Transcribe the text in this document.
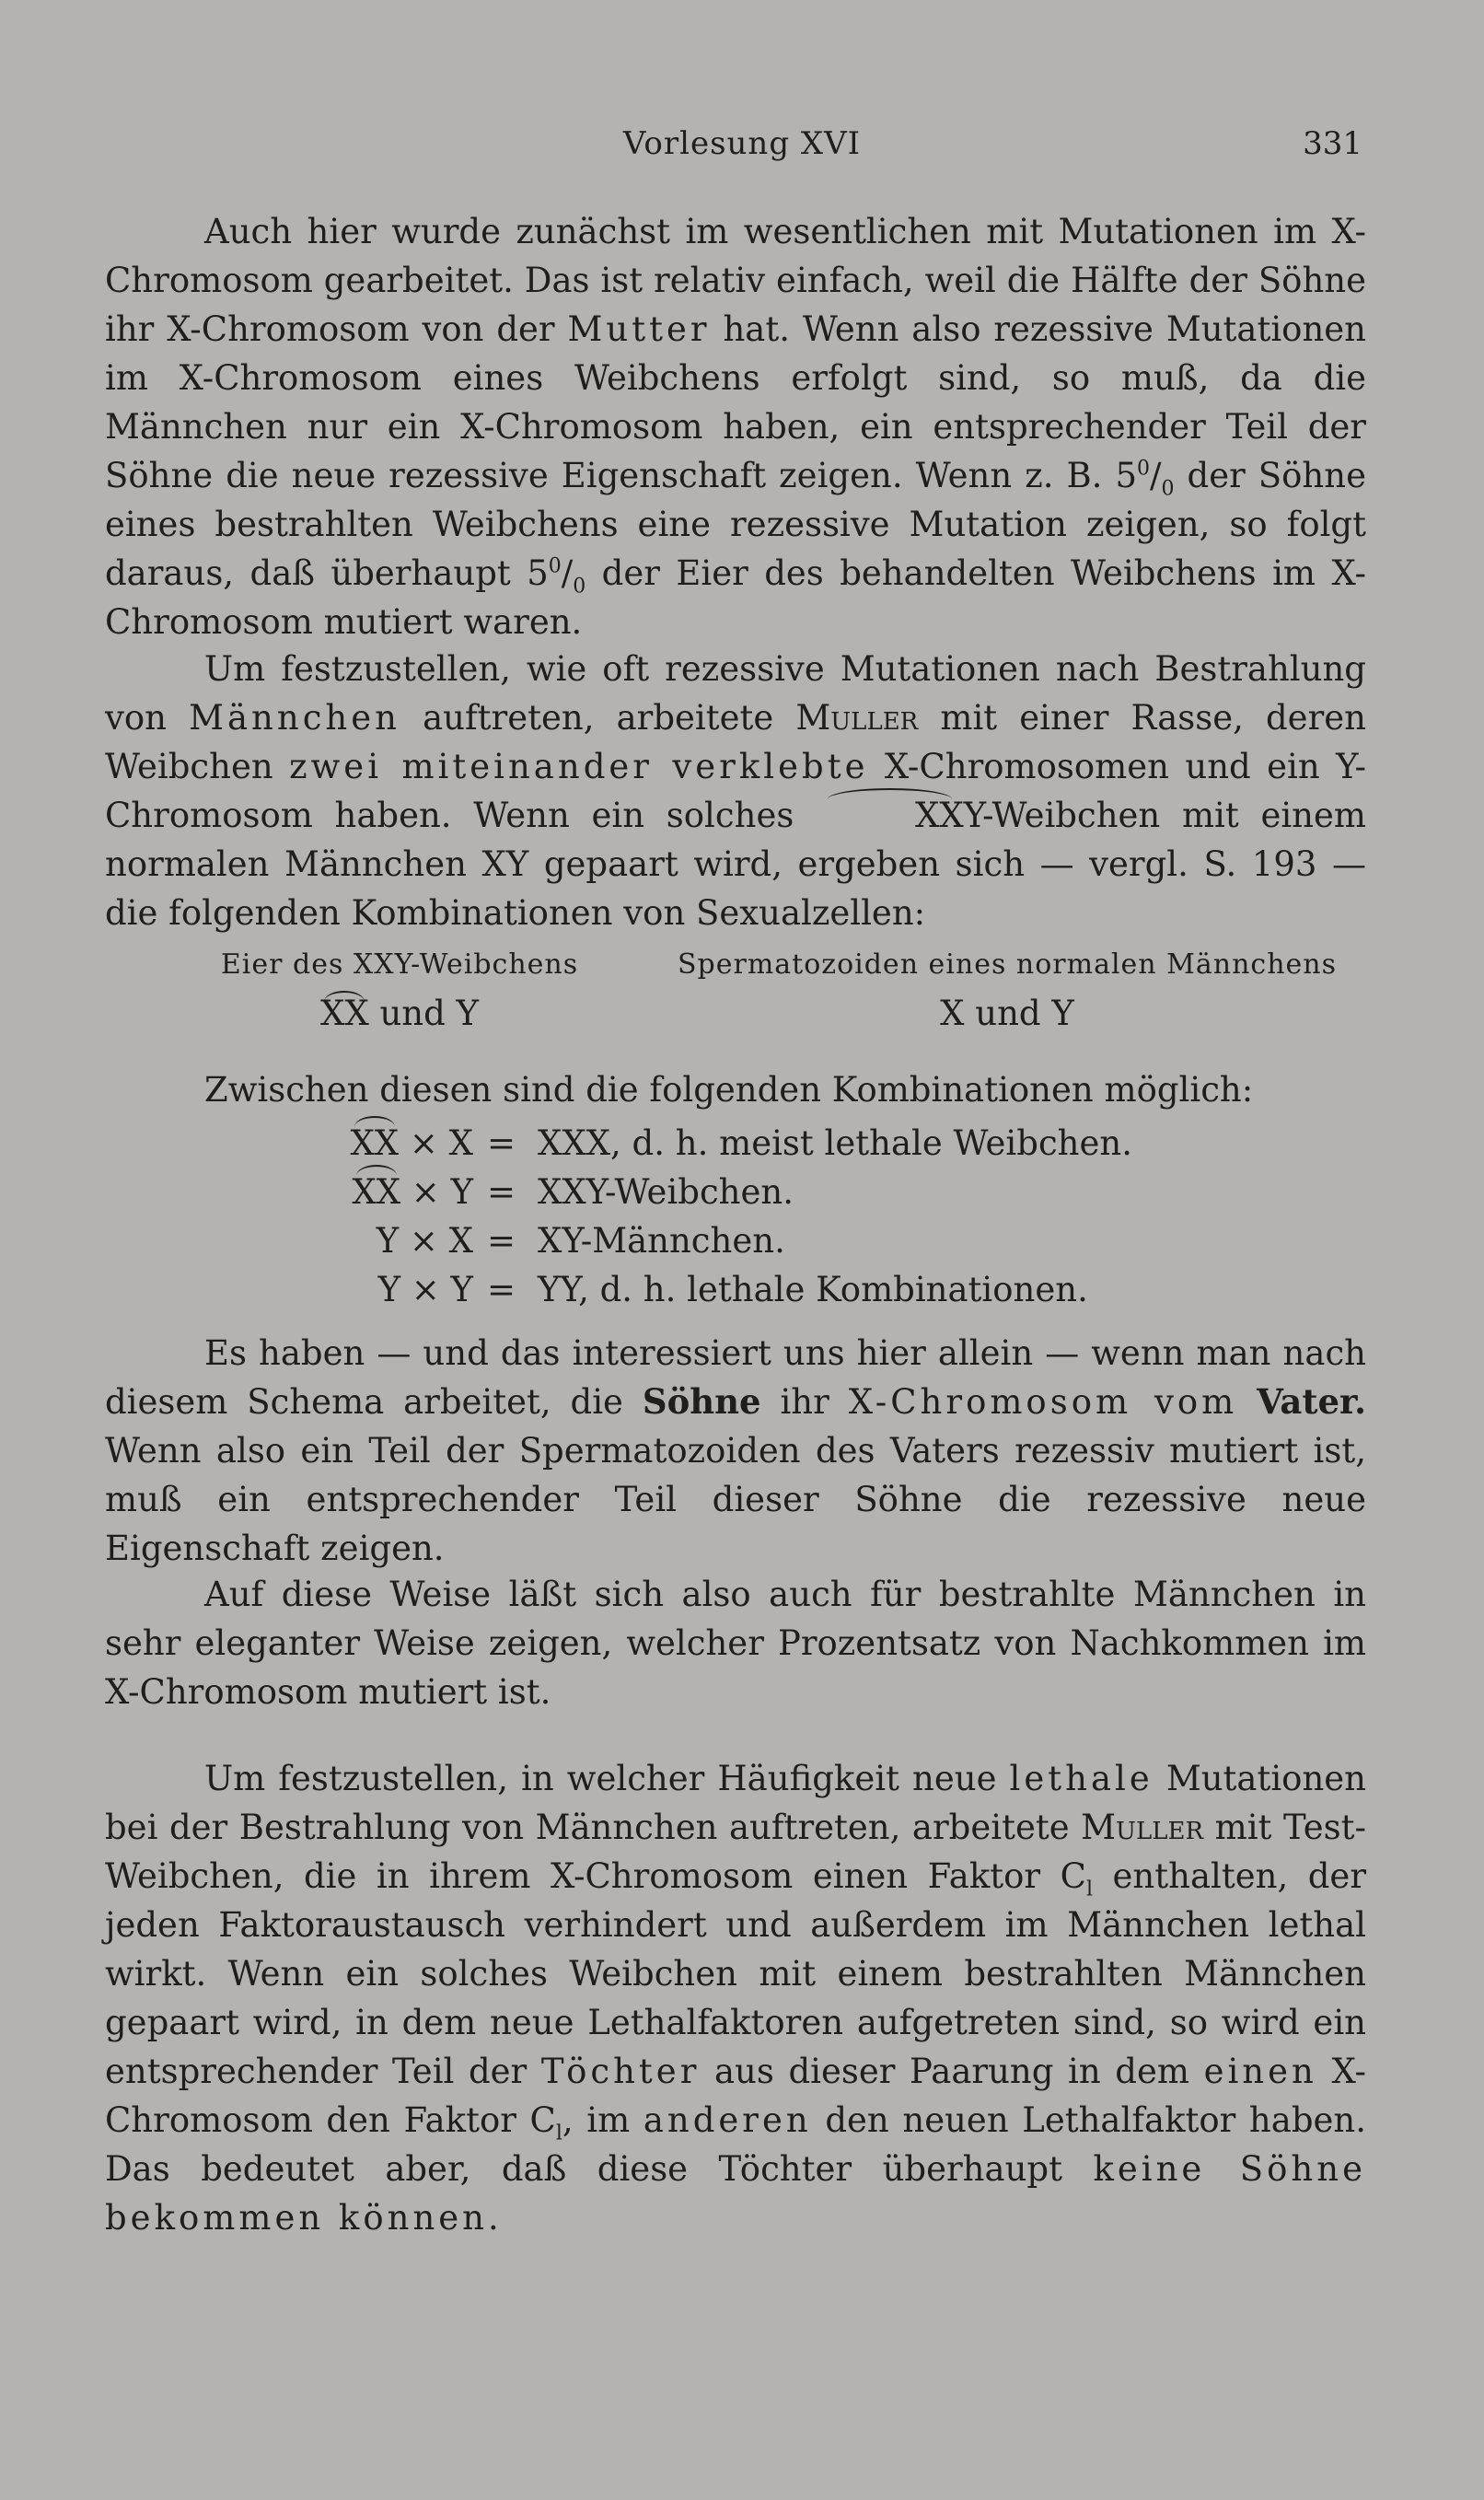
Vorlesung XVI	331

Auch hier wurde zunächst im wesentlichen mit Mutationen im X-Chromosom gearbeitet. Das ist relativ einfach, weil die Hälfte der Söhne ihr X-Chromosom von der Mutter hat. Wenn also rezessive Mutationen im X-Chromosom eines Weibchens erfolgt sind, so muß, da die Männchen nur ein X-Chromosom haben, ein entsprechender Teil der Söhne die neue rezessive Eigenschaft zeigen. Wenn z. B. $5^0/_0$ der Söhne eines bestrahlten Weibchens eine rezessive Mutation zeigen, so folgt daraus, daß überhaupt $5^0/_0$ der Eier des behandelten Weibchens im X-Chromosom mutiert waren.

Um festzustellen, wie oft rezessive Mutationen nach Bestrahlung von Männchen auftreten, arbeitete Muller mit einer Rasse, deren Weibchen zwei miteinander verklebte X-Chromosomen und ein Y-Chromosom haben. Wenn ein solches	XXY-Weibchen mit einem normalen Männchen XY gepaart wird, ergeben sich — vergl. S. 193 — die folgenden Kombinationen von Sexualzellen:

Eier des XXY-Weibchens
XX und Y
Spermatozoiden eines normalen Männchens
X und Y
Zwischen diesen sind die folgenden Kombinationen möglich:
XX × X = XXX, d. h. meist lethale Weibchen.
XX × Y = XXY-Weibchen.
Y × X = XY-Männchen.
Y × Y = YY, d. h. lethale Kombinationen.

Es haben — und das interessiert uns hier allein — wenn man nach diesem Schema arbeitet, die Söhne ihr X-Chromosom vom Vater. Wenn also ein Teil der Spermatozoiden des Vaters rezessiv mutiert ist, muß ein entsprechender Teil dieser Söhne die rezessive neue Eigenschaft zeigen.

Auf diese Weise läßt sich also auch für bestrahlte Männchen in sehr eleganter Weise zeigen, welcher Prozentsatz von Nachkommen im X-Chromosom mutiert ist.

Um festzustellen, in welcher Häufigkeit neue lethale Mutationen bei der Bestrahlung von Männchen auftreten, arbeitete Muller mit Test-Weibchen, die in ihrem X-Chromosom einen Faktor $C_l$ enthalten, der jeden Faktoraustausch verhindert und außerdem im Männchen lethal wirkt. Wenn ein solches Weibchen mit einem bestrahlten Männchen gepaart wird, in dem neue Lethalfaktoren aufgetreten sind, so wird ein entsprechender Teil der Töchter aus dieser Paarung in dem einen X-Chromosom den Faktor $C_l$, im anderen den neuen Lethalfaktor haben. Das bedeutet aber, daß diese Töchter überhaupt keine Söhne bekommen können.
